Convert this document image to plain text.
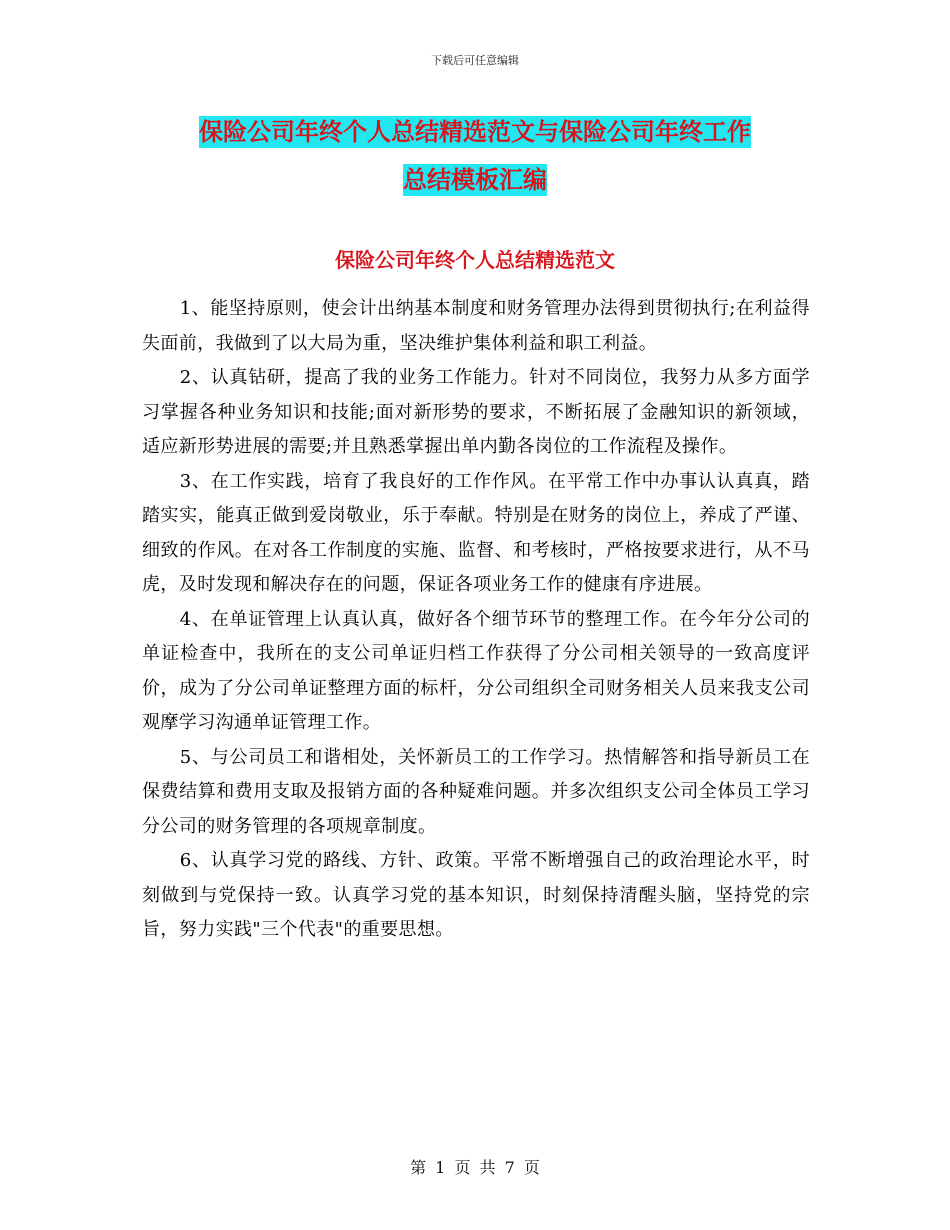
下载后可任意编辑
保险公司年终个人总结精选范文与保险公司年终工作
总结模板汇编
保险公司年终个人总结精选范文

1、能坚持原则，使会计出纳基本制度和财务管理办法得到贯彻执行;在利益得失面前，我做到了以大局为重，坚决维护集体利益和职工利益。

2、认真钻研，提高了我的业务工作能力。针对不同岗位，我努力从多方面学习掌握各种业务知识和技能;面对新形势的要求，不断拓展了金融知识的新领域，适应新形势进展的需要;并且熟悉掌握出单内勤各岗位的工作流程及操作。

3、在工作实践，培育了我良好的工作作风。在平常工作中办事认认真真，踏踏实实，能真正做到爱岗敬业，乐于奉献。特别是在财务的岗位上，养成了严谨、细致的作风。在对各工作制度的实施、监督、和考核时，严格按要求进行，从不马虎，及时发现和解决存在的问题，保证各项业务工作的健康有序进展。

4、在单证管理上认真认真，做好各个细节环节的整理工作。在今年分公司的单证检查中，我所在的支公司单证归档工作获得了分公司相关领导的一致高度评价，成为了分公司单证整理方面的标杆，分公司组织全司财务相关人员来我支公司观摩学习沟通单证管理工作。

5、与公司员工和谐相处，关怀新员工的工作学习。热情解答和指导新员工在保费结算和费用支取及报销方面的各种疑难问题。并多次组织支公司全体员工学习分公司的财务管理的各项规章制度。

6、认真学习党的路线、方针、政策。平常不断增强自己的政治理论水平，时刻做到与党保持一致。认真学习党的基本知识，时刻保持清醒头脑，坚持党的宗旨，努力实践"三个代表"的重要思想。

第 1 页 共 7 页
